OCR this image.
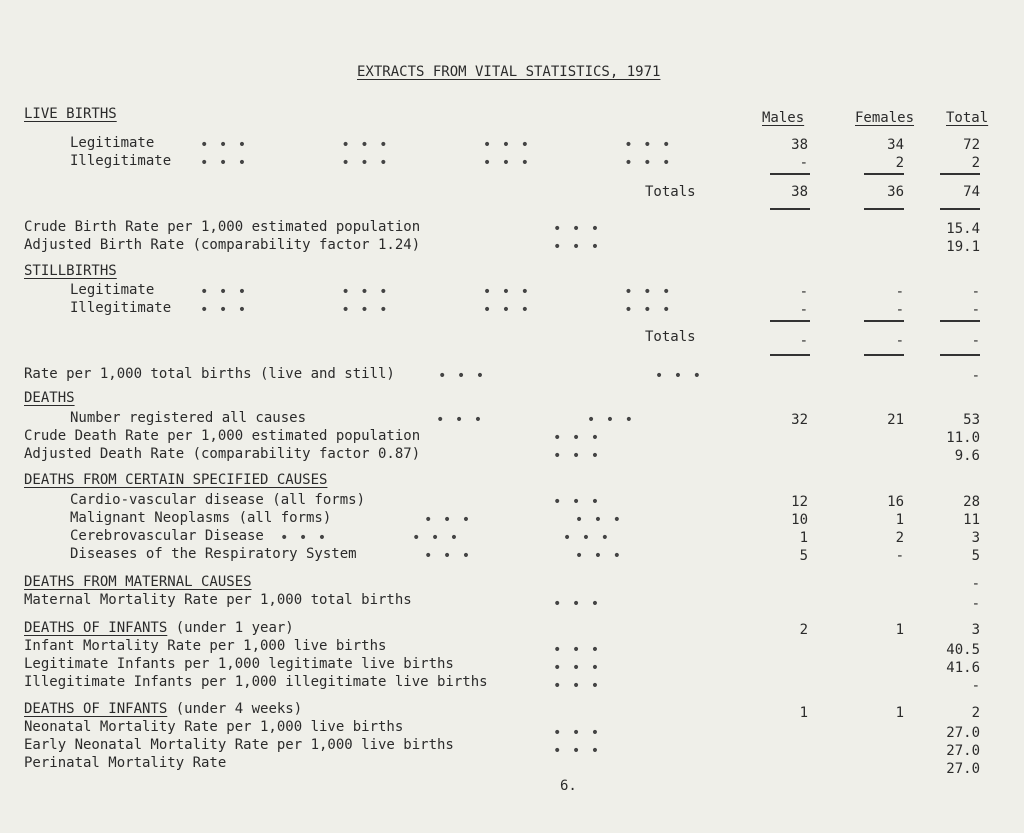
EXTRACTS FROM VITAL STATISTICS, 1971
Males	Females Total
LIVE BIRTHS
Legitimate	• • •          • • •          • • •          • • •	38	34	72
Illegitimate • • •          • • •          • • •          • • •	-	2	2
Totals	38	36	74
Crude Birth Rate per 1,000 estimated population	• • •	15.4
Adjusted Birth Rate (comparability factor 1.24)	• • •	19.1
STILLBIRTHS
Legitimate	• • •          • • •          • • •          • • •	-	-	-
Illegitimate • • •          • • •          • • •          • • •	-	-	-
Totals	-	-	-
Rate per 1,000 total births (live and still)	• • •                  • • •	-
DEATHS
Number registered all causes	• • •           • • •	32	21	53
Crude Death Rate per 1,000 estimated population	• • •	11.0
Adjusted Death Rate (comparability factor 0.87)	• • •	9.6
DEATHS FROM CERTAIN SPECIFIED CAUSES
Cardio-vascular disease (all forms)	• • •	12	16	28
Malignant Neoplasms (all forms)	• • •           • • •	10	1	11
Cerebrovascular Disease • • •         • • •           • • •	1	2	3
Diseases of the Respiratory System	• • •           • • •	5	-	5
DEATHS FROM MATERNAL CAUSES	-
Maternal Mortality Rate per 1,000 total births	• • •	-
DEATHS OF INFANTS (under 1 year)	2	1	3
Infant Mortality Rate per 1,000 live births	• • •	40.5
Legitimate Infants per 1,000 legitimate live births	• • •	41.6
Illegitimate Infants per 1,000 illegitimate live births	• • •	-
DEATHS OF INFANTS (under 4 weeks)	1	1	2
Neonatal Mortality Rate per 1,000 live births	• • •	27.0
Early Neonatal Mortality Rate per 1,000 live births	• • •	27.0
Perinatal Mortality Rate	27.0
6.
